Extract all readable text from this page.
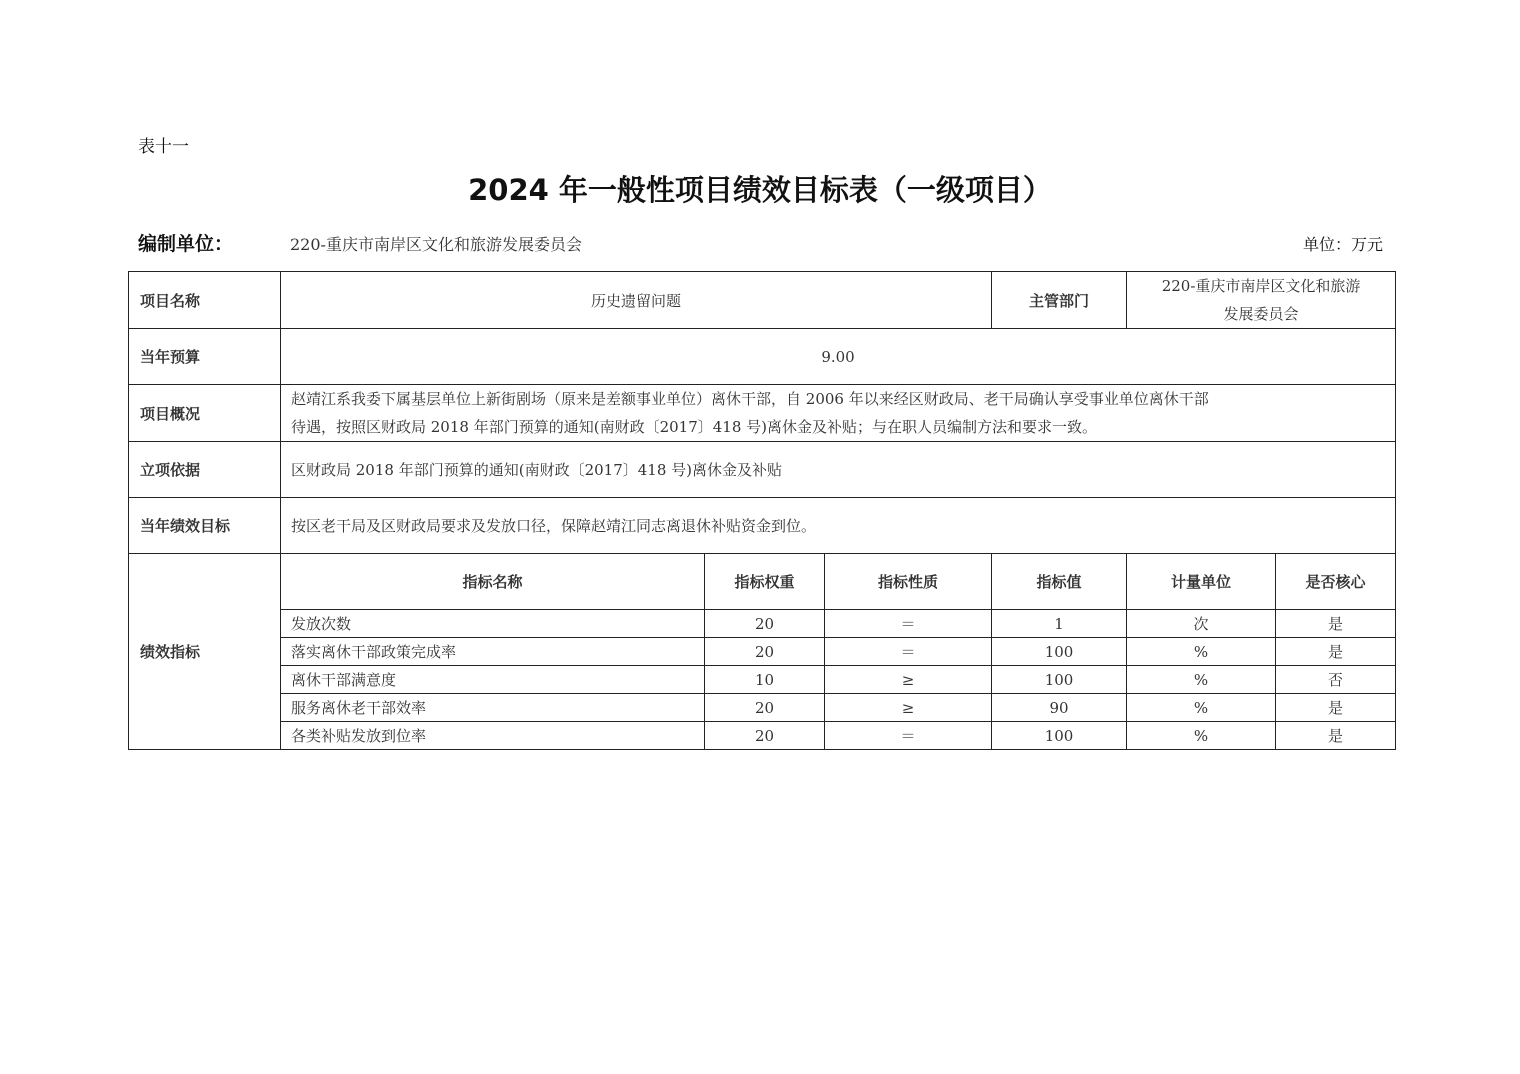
表十一
2024 年一般性项目绩效目标表（一级项目）
编制单位：	220-重庆市南岸区文化和旅游发展委员会	单位：万元
项目名称	历史遗留问题			主管部门	220-重庆市南岸区文化和旅游
发展委员会	

当年预算	9.00					
项目概况	赵靖江系我委下属基层单位上新街剧场（原来是差额事业单位）离休干部，自 2006 年以来经区财政局、老干局确认享受事业单位离休干部
待遇，按照区财政局 2018 年部门预算的通知(南财政〔2017〕418 号)离休金及补贴；与在职人员编制方法和要求一致。					

立项依据	区财政局 2018 年部门预算的通知(南财政〔2017〕418 号)离休金及补贴					
当年绩效目标	按区老干局及区财政局要求及发放口径，保障赵靖江同志离退休补贴资金到位。					
绩效指标	指标名称	指标权重	指标性质	指标值	计量单位	是否核心
	发放次数	20	＝	1	次	是
	落实离休干部政策完成率	20	＝	100	%	是
	离休干部满意度	10	≥	100	%	否
	服务离休老干部效率	20	≥	90	%	是
	各类补贴发放到位率	20	＝	100	%	是
